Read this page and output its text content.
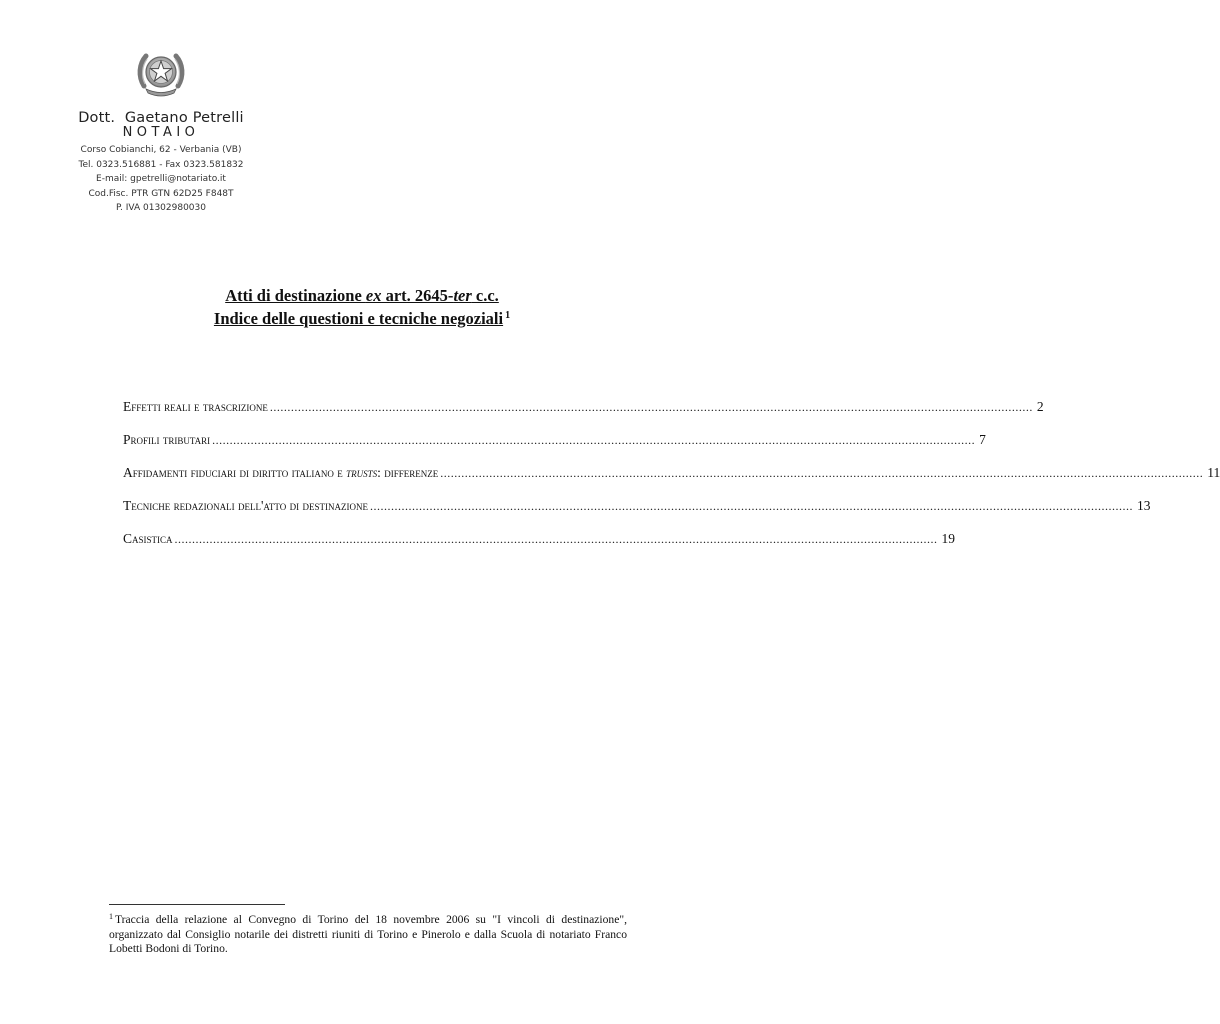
Dott.  Gaetano Petrelli
NOTAIO
Corso Cobianchi, 62 - Verbania (VB)
Tel. 0323.516881 - Fax 0323.581832
E-mail: gpetrelli@notariato.it
Cod.Fisc. PTR GTN 62D25 F848T
P. IVA 01302980030
Atti di destinazione ex art. 2645-ter c.c.
Indice delle questioni e tecniche negoziali $^1$
Effetti reali e trascrizione .......................................................................................................................................................................................................................... 2
Profili tributari .......................................................................................................................................................................................................................... 7
Affidamenti fiduciari di diritto italiano e trusts: differenze .......................................................................................................................................................................................................................... 11
Tecniche redazionali dell'atto di destinazione .......................................................................................................................................................................................................................... 13
Casistica .......................................................................................................................................................................................................................... 19
$^1$ Traccia della relazione al Convegno di Torino del 18 novembre 2006 su "I vincoli di destinazione", organizzato dal Consiglio notarile dei distretti riuniti di Torino e Pinerolo e dalla Scuola di notariato Franco Lobetti Bodoni di Torino.
